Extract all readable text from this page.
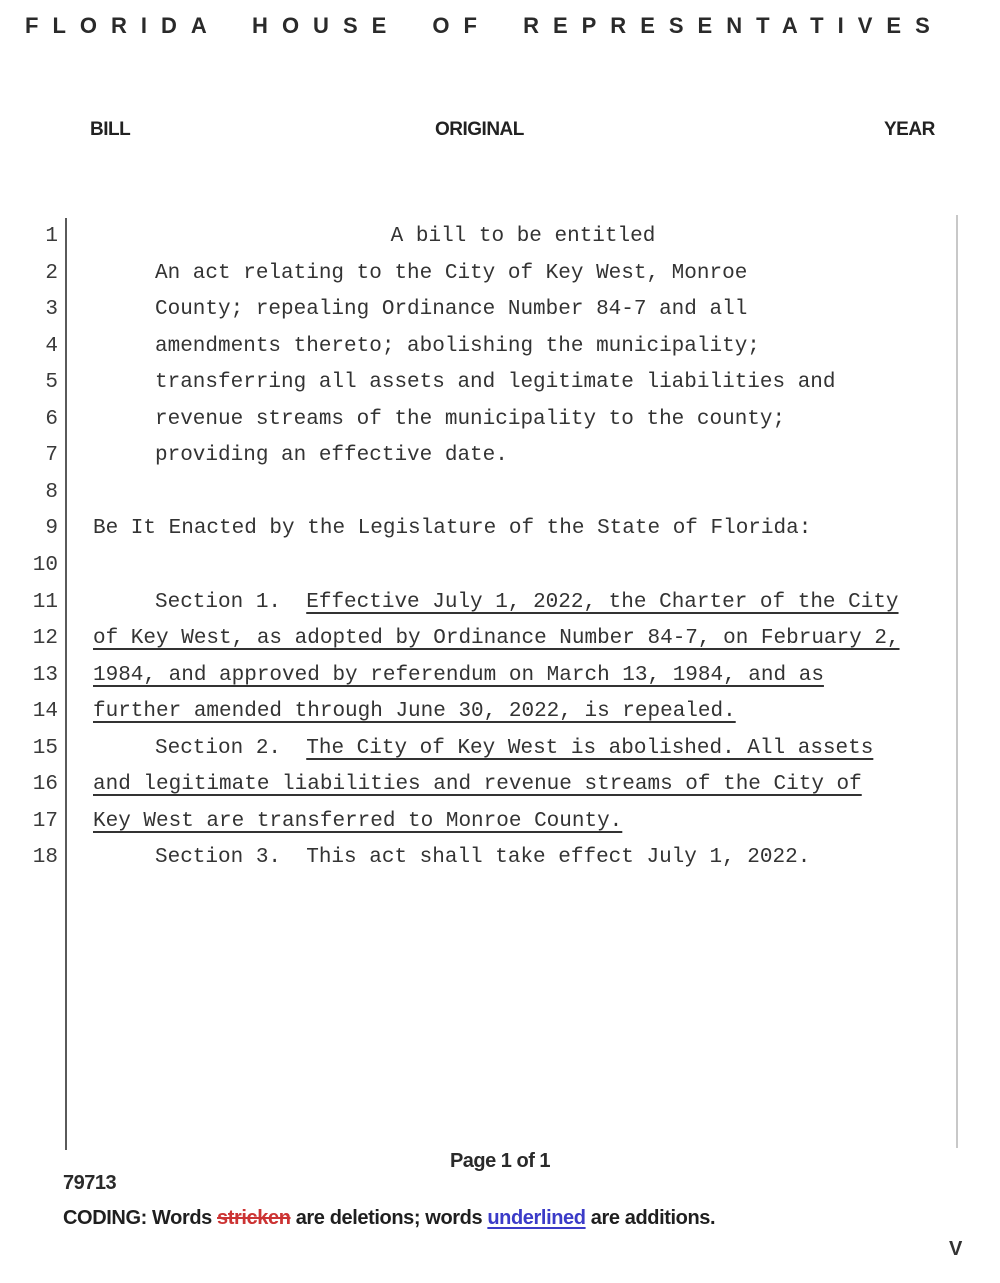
FLORIDA HOUSE OF REPRESENTATIVES
BILL	ORIGINAL	YEAR
1	A bill to be entitled
2	An act relating to the City of Key West, Monroe
3	County; repealing Ordinance Number 84-7 and all
4	amendments thereto; abolishing the municipality;
5	transferring all assets and legitimate liabilities and
6	revenue streams of the municipality to the county;
7	providing an effective date.
8
9 Be It Enacted by the Legislature of the State of Florida:
10
11	Section 1.  Effective July 1, 2022, the Charter of the City
12 of Key West, as adopted by Ordinance Number 84-7, on February 2,
13 1984, and approved by referendum on March 13, 1984, and as
14 further amended through June 30, 2022, is repealed.
15	Section 2.  The City of Key West is abolished. All assets
16 and legitimate liabilities and revenue streams of the City of
17 Key West are transferred to Monroe County.
18	Section 3.  This act shall take effect July 1, 2022.
Page 1 of 1
79713
CODING: Words stricken are deletions; words underlined are additions.
V
